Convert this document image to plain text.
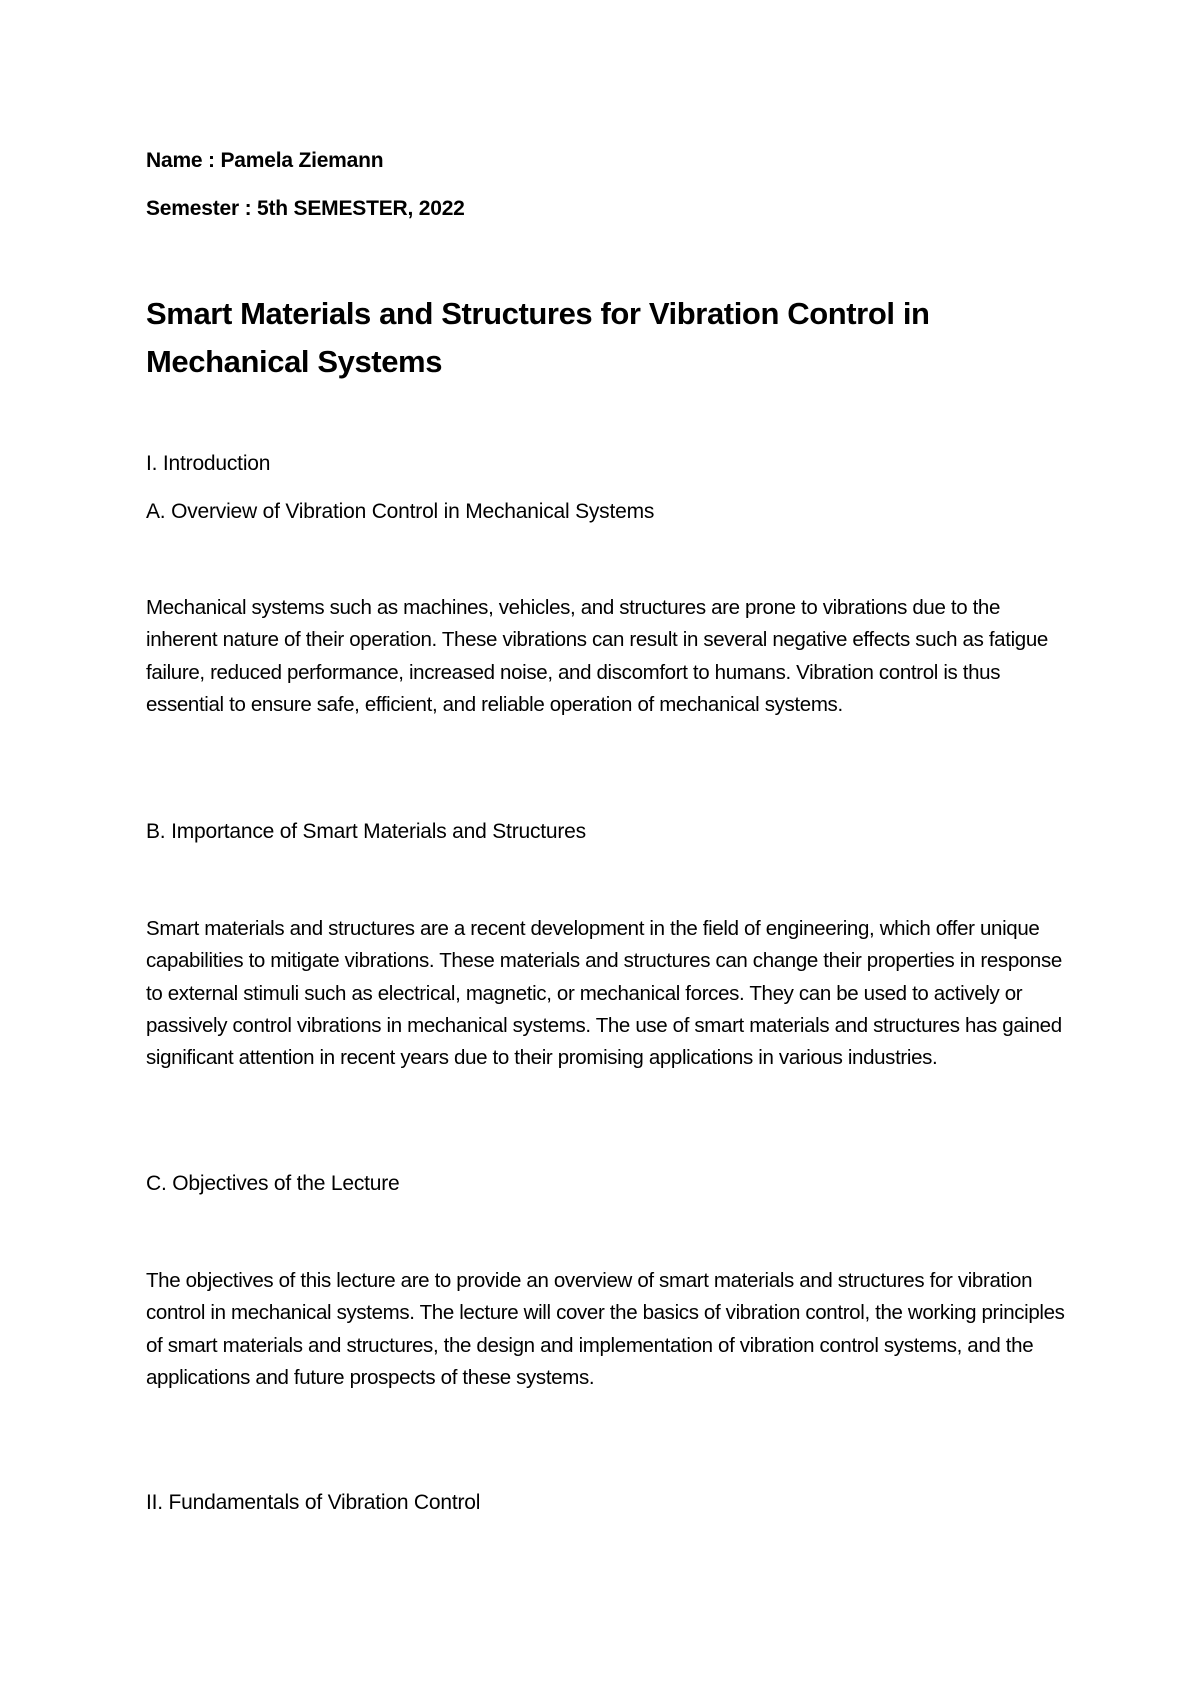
Name : Pamela Ziemann
Semester : 5th SEMESTER, 2022
Smart Materials and Structures for Vibration Control in Mechanical Systems
I. Introduction
A. Overview of Vibration Control in Mechanical Systems
Mechanical systems such as machines, vehicles, and structures are prone to vibrations due to the inherent nature of their operation. These vibrations can result in several negative effects such as fatigue failure, reduced performance, increased noise, and discomfort to humans. Vibration control is thus essential to ensure safe, efficient, and reliable operation of mechanical systems.
B. Importance of Smart Materials and Structures
Smart materials and structures are a recent development in the field of engineering, which offer unique capabilities to mitigate vibrations. These materials and structures can change their properties in response to external stimuli such as electrical, magnetic, or mechanical forces. They can be used to actively or passively control vibrations in mechanical systems. The use of smart materials and structures has gained significant attention in recent years due to their promising applications in various industries.
C. Objectives of the Lecture
The objectives of this lecture are to provide an overview of smart materials and structures for vibration control in mechanical systems. The lecture will cover the basics of vibration control, the working principles of smart materials and structures, the design and implementation of vibration control systems, and the applications and future prospects of these systems.
II. Fundamentals of Vibration Control
